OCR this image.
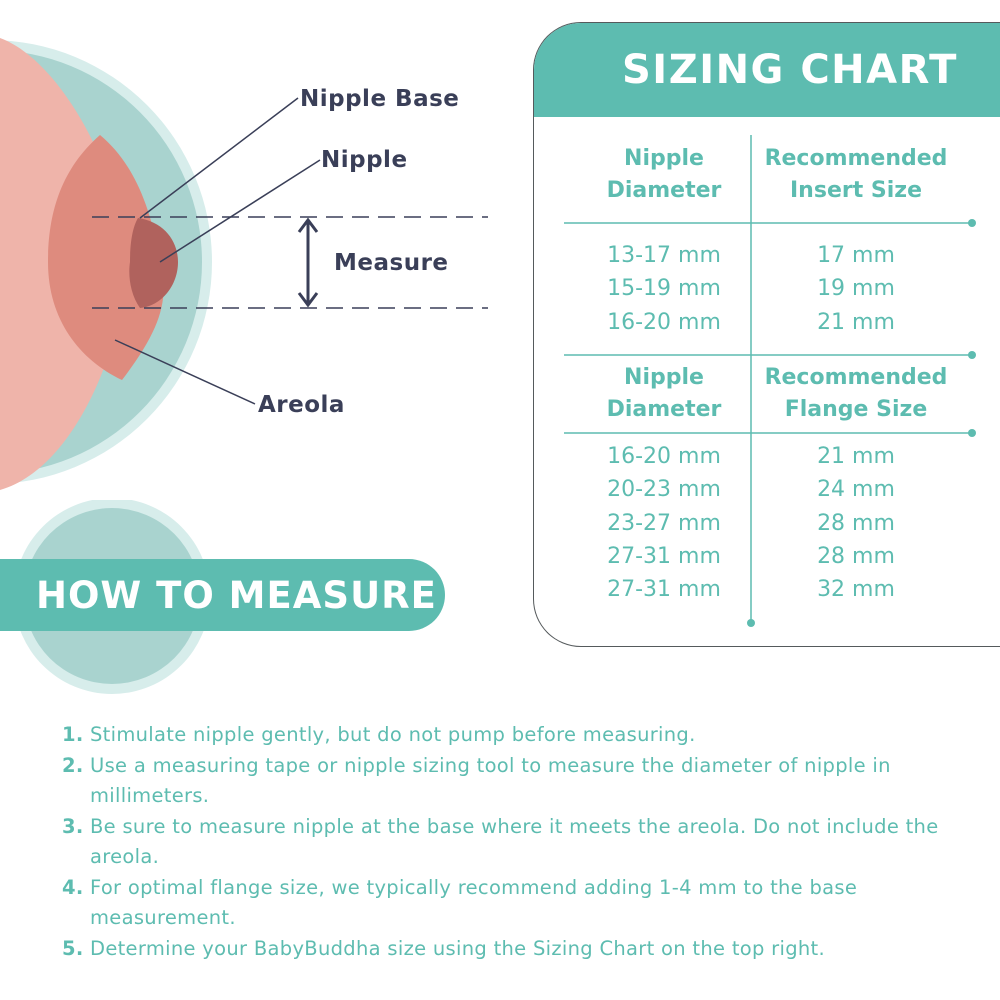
Nipple Base
Nipple
Measure
Areola
HOW TO MEASURE
SIZING CHART
Nipple
Diameter
Recommended
Insert Size
13-17 mm
15-19 mm
16-20 mm
17 mm
19 mm
21 mm
Nipple
Diameter
Recommended
Flange Size
16-20 mm
20-23 mm
23-27 mm
27-31 mm
27-31 mm
21 mm
24 mm
28 mm
28 mm
32 mm
1. Stimulate nipple gently, but do not pump before measuring.
2. Use a measuring tape or nipple sizing tool to measure the diameter of nipple in millimeters.
3. Be sure to measure nipple at the base where it meets the areola. Do not include the areola.
4. For optimal flange size, we typically recommend adding 1-4 mm to the base measurement.
5. Determine your BabyBuddha size using the Sizing Chart on the top right.
